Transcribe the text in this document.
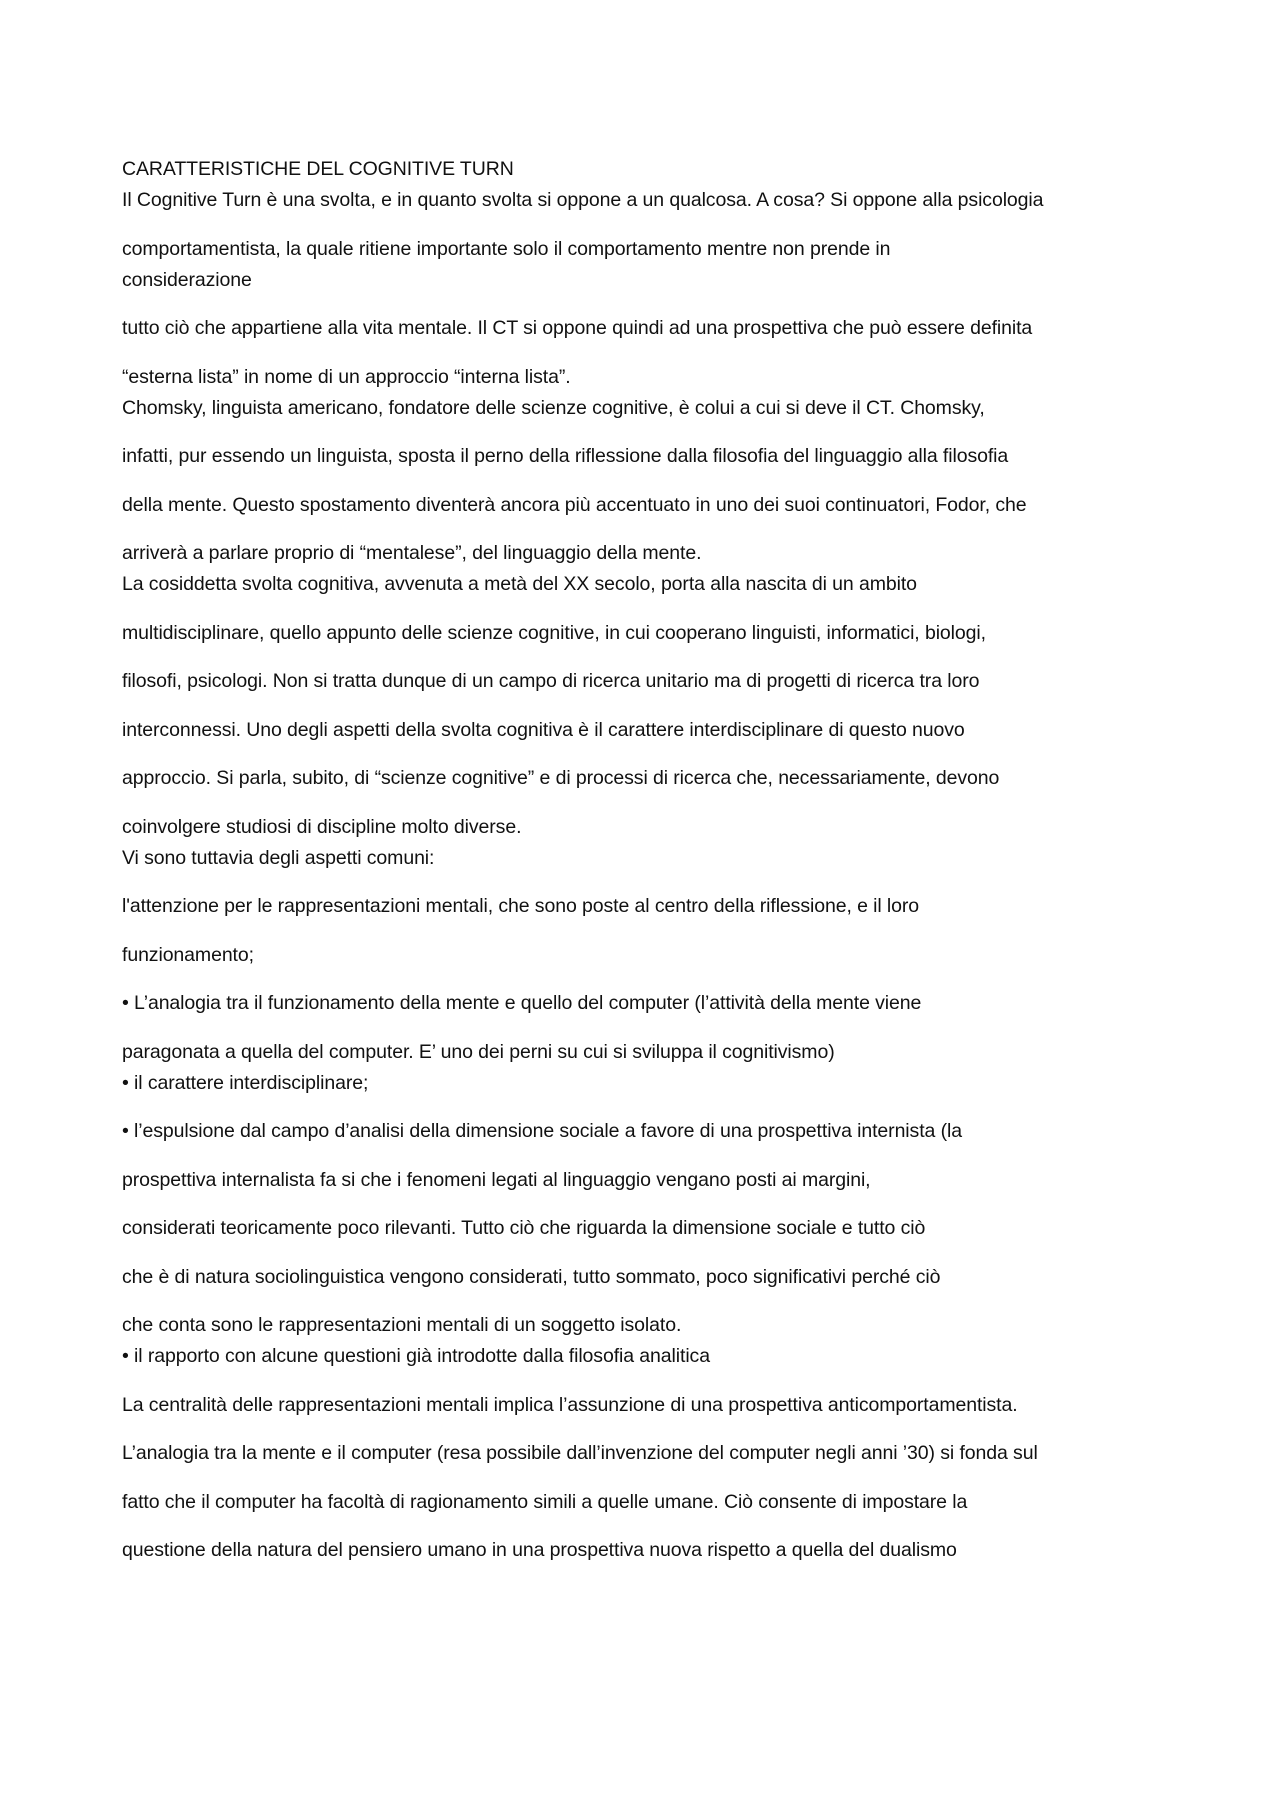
CARATTERISTICHE DEL COGNITIVE TURN
Il Cognitive Turn è una svolta, e in quanto svolta si oppone a un qualcosa. A cosa? Si oppone alla psicologia
comportamentista, la quale ritiene importante solo il comportamento mentre non prende in
considerazione
tutto ciò che appartiene alla vita mentale. Il CT si oppone quindi ad una prospettiva che può essere definita
“esterna lista” in nome di un approccio “interna lista”.
Chomsky, linguista americano, fondatore delle scienze cognitive, è colui a cui si deve il CT. Chomsky,
infatti, pur essendo un linguista, sposta il perno della riflessione dalla filosofia del linguaggio alla filosofia
della mente. Questo spostamento diventerà ancora più accentuato in uno dei suoi continuatori, Fodor, che
arriverà a parlare proprio di “mentalese”, del linguaggio della mente.
La cosiddetta svolta cognitiva, avvenuta a metà del XX secolo, porta alla nascita di un ambito
multidisciplinare, quello appunto delle scienze cognitive, in cui cooperano linguisti, informatici, biologi,
filosofi, psicologi. Non si tratta dunque di un campo di ricerca unitario ma di progetti di ricerca tra loro
interconnessi. Uno degli aspetti della svolta cognitiva è il carattere interdisciplinare di questo nuovo
approccio. Si parla, subito, di “scienze cognitive” e di processi di ricerca che, necessariamente, devono
coinvolgere studiosi di discipline molto diverse.
Vi sono tuttavia degli aspetti comuni:
l'attenzione per le rappresentazioni mentali, che sono poste al centro della riflessione, e il loro
funzionamento;
• L’analogia tra il funzionamento della mente e quello del computer (l’attività della mente viene
paragonata a quella del computer. E’ uno dei perni su cui si sviluppa il cognitivismo)
• il carattere interdisciplinare;
• l’espulsione dal campo d’analisi della dimensione sociale a favore di una prospettiva internista (la
prospettiva internalista fa si che i fenomeni legati al linguaggio vengano posti ai margini,
considerati teoricamente poco rilevanti. Tutto ciò che riguarda la dimensione sociale e tutto ciò
che è di natura sociolinguistica vengono considerati, tutto sommato, poco significativi perché ciò
che conta sono le rappresentazioni mentali di un soggetto isolato.
• il rapporto con alcune questioni già introdotte dalla filosofia analitica
La centralità delle rappresentazioni mentali implica l’assunzione di una prospettiva anticomportamentista.
L’analogia tra la mente e il computer (resa possibile dall’invenzione del computer negli anni ’30) si fonda sul
fatto che il computer ha facoltà di ragionamento simili a quelle umane. Ciò consente di impostare la
questione della natura del pensiero umano in una prospettiva nuova rispetto a quella del dualismo
